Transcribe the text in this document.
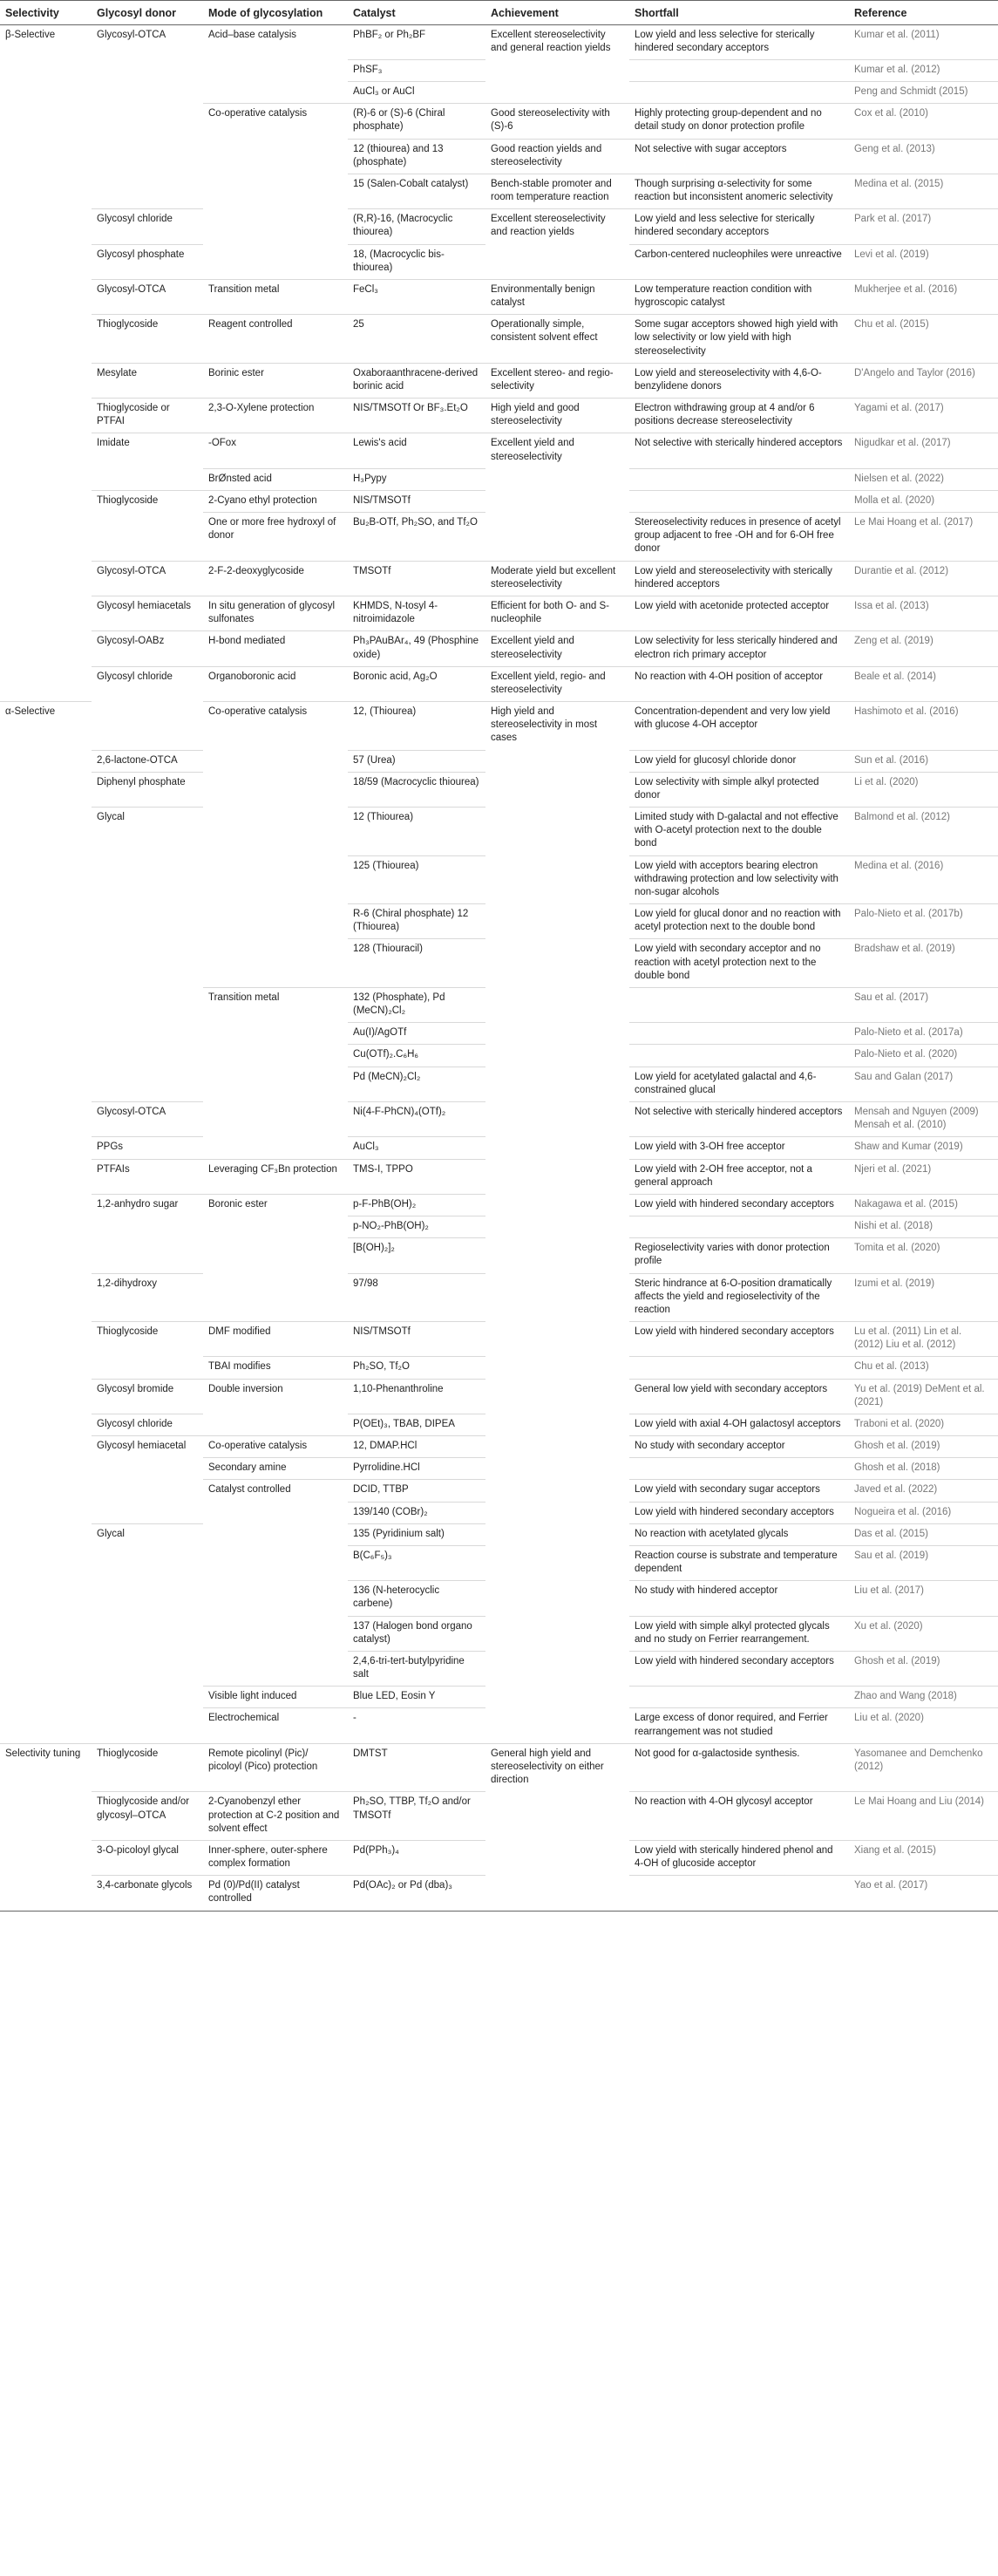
Selectivity	Glycosyl donor	Mode of glycosylation	Catalyst	Achievement	Shortfall	Reference
β-Selective	Glycosyl-OTCA	Acid–base catalysis	PhBF₂ or Ph₂BF	Excellent stereoselectivity and general reaction yields	Low yield and less selective for sterically hindered secondary acceptors	Kumar et al. (2011)
			PhSF₃			Kumar et al. (2012)
			AuCl₃ or AuCl			Peng and Schmidt (2015)
		Co-operative catalysis	(R)-6 or (S)-6 (Chiral phosphate)	Good stereoselectivity with (S)-6	Highly protecting group-dependent and no detail study on donor protection profile	Cox et al. (2010)
			12 (thiourea) and 13 (phosphate)	Good reaction yields and stereoselectivity	Not selective with sugar acceptors	Geng et al. (2013)
			15 (Salen-Cobalt catalyst)	Bench-stable promoter and room temperature reaction	Though surprising α-selectivity for some reaction but inconsistent anomeric selectivity	Medina et al. (2015)
	Glycosyl chloride		(R,R)-16, (Macrocyclic thiourea)	Excellent stereoselectivity and reaction yields	Low yield and less selective for sterically hindered secondary acceptors	Park et al. (2017)
	Glycosyl phosphate		18, (Macrocyclic bis-thiourea)		Carbon-centered nucleophiles were unreactive	Levi et al. (2019)
	Glycosyl-OTCA	Transition metal	FeCl₃	Environmentally benign catalyst	Low temperature reaction condition with hygroscopic catalyst	Mukherjee et al. (2016)
	Thioglycoside	Reagent controlled	25	Operationally simple, consistent solvent effect	Some sugar acceptors showed high yield with low selectivity or low yield with high stereoselectivity	Chu et al. (2015)
	Mesylate	Borinic ester	Oxaboraanthracene-derived borinic acid	Excellent stereo- and regio-selectivity	Low yield and stereoselectivity with 4,6-O-benzylidene donors	D'Angelo and Taylor (2016)
	Thioglycoside or PTFAI	2,3-O-Xylene protection	NIS/TMSOTf Or BF₃.Et₂O	High yield and good stereoselectivity	Electron withdrawing group at 4 and/or 6 positions decrease stereoselectivity	Yagami et al. (2017)
	Imidate	-OFox	Lewis's acid	Excellent yield and stereoselectivity	Not selective with sterically hindered acceptors	Nigudkar et al. (2017)
		BrØnsted acid	H₃Pypy			Nielsen et al. (2022)
	Thioglycoside	2-Cyano ethyl protection	NIS/TMSOTf			Molla et al. (2020)
		One or more free hydroxyl of donor	Bu₂B-OTf, Ph₂SO, and Tf₂O		Stereoselectivity reduces in presence of acetyl group adjacent to free -OH and for 6-OH free donor	Le Mai Hoang et al. (2017)
	Glycosyl-OTCA	2-F-2-deoxyglycoside	TMSOTf	Moderate yield but excellent stereoselectivity	Low yield and stereoselectivity with sterically hindered acceptors	Durantie et al. (2012)
	Glycosyl hemiacetals	In situ generation of glycosyl sulfonates	KHMDS, N-tosyl 4-nitroimidazole	Efficient for both O- and S-nucleophile	Low yield with acetonide protected acceptor	Issa et al. (2013)
	Glycosyl-OABz	H-bond mediated	Ph₃PAuBAr₄, 49 (Phosphine oxide)	Excellent yield and stereoselectivity	Low selectivity for less sterically hindered and electron rich primary acceptor	Zeng et al. (2019)
	Glycosyl chloride	Organoboronic acid	Boronic acid, Ag₂O	Excellent yield, regio- and stereoselectivity	No reaction with 4-OH position of acceptor	Beale et al. (2014)
α-Selective		Co-operative catalysis	12, (Thiourea)	High yield and stereoselectivity in most cases	Concentration-dependent and very low yield with glucose 4-OH acceptor	Hashimoto et al. (2016)
	2,6-lactone-OTCA		57 (Urea)		Low yield for glucosyl chloride donor	Sun et al. (2016)
	Diphenyl phosphate		18/59 (Macrocyclic thiourea)		Low selectivity with simple alkyl protected donor	Li et al. (2020)
	Glycal		12 (Thiourea)		Limited study with D-galactal and not effective with O-acetyl protection next to the double bond	Balmond et al. (2012)
			125 (Thiourea)		Low yield with acceptors bearing electron withdrawing protection and low selectivity with non-sugar alcohols	Medina et al. (2016)
			R-6 (Chiral phosphate) 12 (Thiourea)		Low yield for glucal donor and no reaction with acetyl protection next to the double bond	Palo-Nieto et al. (2017b)
			128 (Thiouracil)		Low yield with secondary acceptor and no reaction with acetyl protection next to the double bond	Bradshaw et al. (2019)
		Transition metal	132 (Phosphate), Pd (MeCN)₂Cl₂			Sau et al. (2017)
			Au(I)/AgOTf			Palo-Nieto et al. (2017a)
			Cu(OTf)₂.C₆H₆			Palo-Nieto et al. (2020)
			Pd (MeCN)₂Cl₂		Low yield for acetylated galactal and 4,6-constrained glucal	Sau and Galan (2017)
	Glycosyl-OTCA		Ni(4-F-PhCN)₄(OTf)₂		Not selective with sterically hindered acceptors	Mensah and Nguyen (2009) Mensah et al. (2010)
	PPGs		AuCl₃		Low yield with 3-OH free acceptor	Shaw and Kumar (2019)
	PTFAIs	Leveraging CF₃Bn protection	TMS-I, TPPO		Low yield with 2-OH free acceptor, not a general approach	Njeri et al. (2021)
	1,2-anhydro sugar	Boronic ester	p-F-PhB(OH)₂		Low yield with hindered secondary acceptors	Nakagawa et al. (2015)
			p-NO₂-PhB(OH)₂			Nishi et al. (2018)
			[B(OH)₂]₂		Regioselectivity varies with donor protection profile	Tomita et al. (2020)
	1,2-dihydroxy		97/98		Steric hindrance at 6-O-position dramatically affects the yield and regioselectivity of the reaction	Izumi et al. (2019)
	Thioglycoside	DMF modified	NIS/TMSOTf		Low yield with hindered secondary acceptors	Lu et al. (2011) Lin et al. (2012) Liu et al. (2012)
		TBAI modifies	Ph₂SO, Tf₂O			Chu et al. (2013)
	Glycosyl bromide	Double inversion	1,10-Phenanthroline		General low yield with secondary acceptors	Yu et al. (2019) DeMent et al. (2021)
	Glycosyl chloride		P(OEt)₃, TBAB, DIPEA		Low yield with axial 4-OH galactosyl acceptors	Traboni et al. (2020)
	Glycosyl hemiacetal	Co-operative catalysis	12, DMAP.HCl		No study with secondary acceptor	Ghosh et al. (2019)
		Secondary amine	Pyrrolidine.HCl			Ghosh et al. (2018)
		Catalyst controlled	DCID, TTBP		Low yield with secondary sugar acceptors	Javed et al. (2022)
			139/140 (COBr)₂		Low yield with hindered secondary acceptors	Nogueira et al. (2016)
	Glycal		135 (Pyridinium salt)		No reaction with acetylated glycals	Das et al. (2015)
			B(C₆F₅)₃		Reaction course is substrate and temperature dependent	Sau et al. (2019)
			136 (N-heterocyclic carbene)		No study with hindered acceptor	Liu et al. (2017)
			137 (Halogen bond organo catalyst)		Low yield with simple alkyl protected glycals and no study on Ferrier rearrangement.	Xu et al. (2020)
			2,4,6-tri-tert-butylpyridine salt		Low yield with hindered secondary acceptors	Ghosh et al. (2019)
		Visible light induced	Blue LED, Eosin Y			Zhao and Wang (2018)
		Electrochemical	-		Large excess of donor required, and Ferrier rearrangement was not studied	Liu et al. (2020)
Selectivity tuning	Thioglycoside	Remote picolinyl (Pic)/ picoloyl (Pico) protection	DMTST	General high yield and stereoselectivity on either direction	Not good for α-galactoside synthesis.	Yasomanee and Demchenko (2012)
	Thioglycoside and/or glycosyl–OTCA	2-Cyanobenzyl ether protection at C-2 position and solvent effect	Ph₂SO, TTBP, Tf₂O and/or TMSOTf		No reaction with 4-OH glycosyl acceptor	Le Mai Hoang and Liu (2014)
	3-O-picoloyl glycal	Inner-sphere, outer-sphere complex formation	Pd(PPh₃)₄		Low yield with sterically hindered phenol and 4-OH of glucoside acceptor	Xiang et al. (2015)
	3,4-carbonate glycols	Pd (0)/Pd(II) catalyst controlled	Pd(OAc)₂ or Pd (dba)₃			Yao et al. (2017)
